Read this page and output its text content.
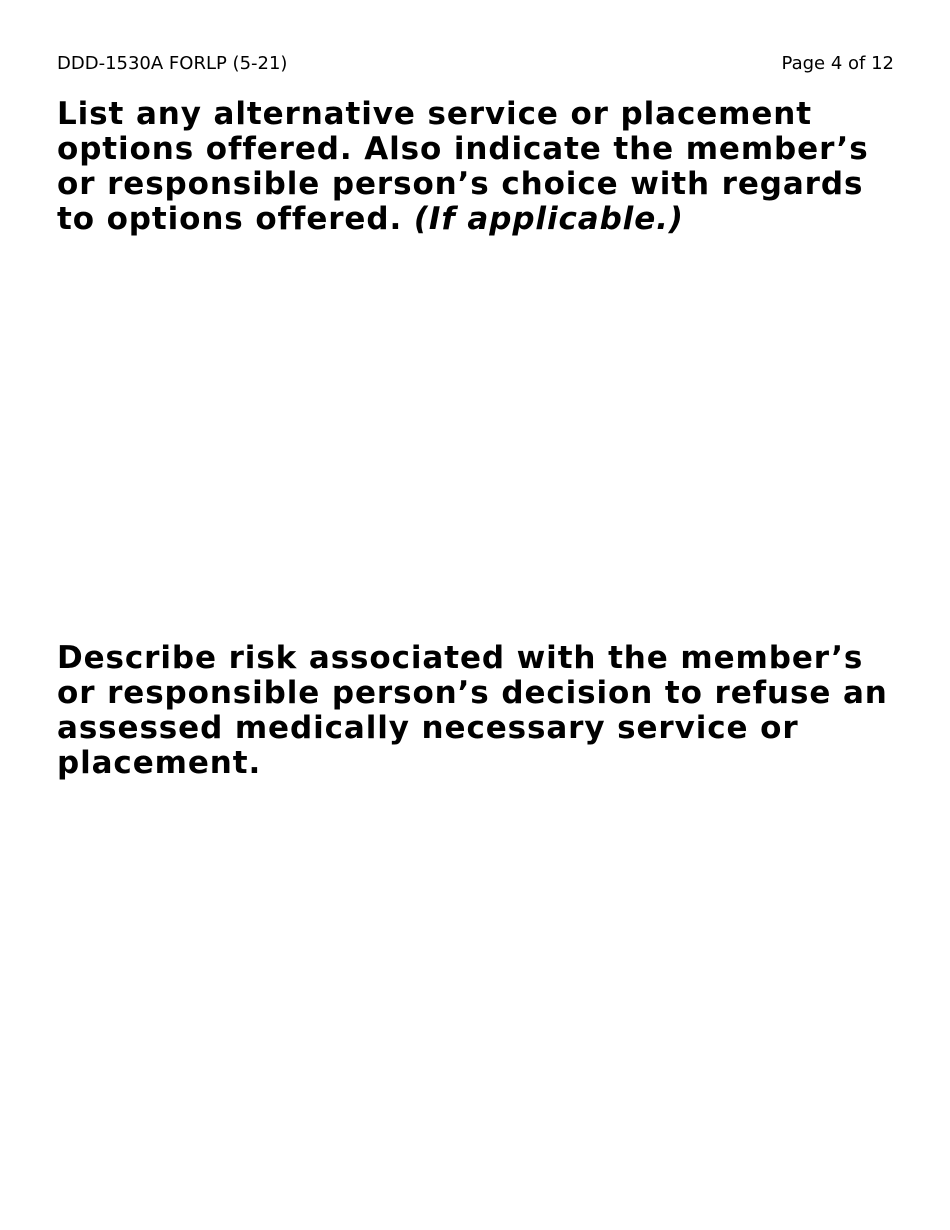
DDD-1530A FORLP (5-21)	Page 4 of 12
List any alternative service or placement options offered. Also indicate the member’s or responsible person’s choice with regards to options offered. (If applicable.)
Describe risk associated with the member’s or responsible person’s decision to refuse an assessed medically necessary service or placement.
